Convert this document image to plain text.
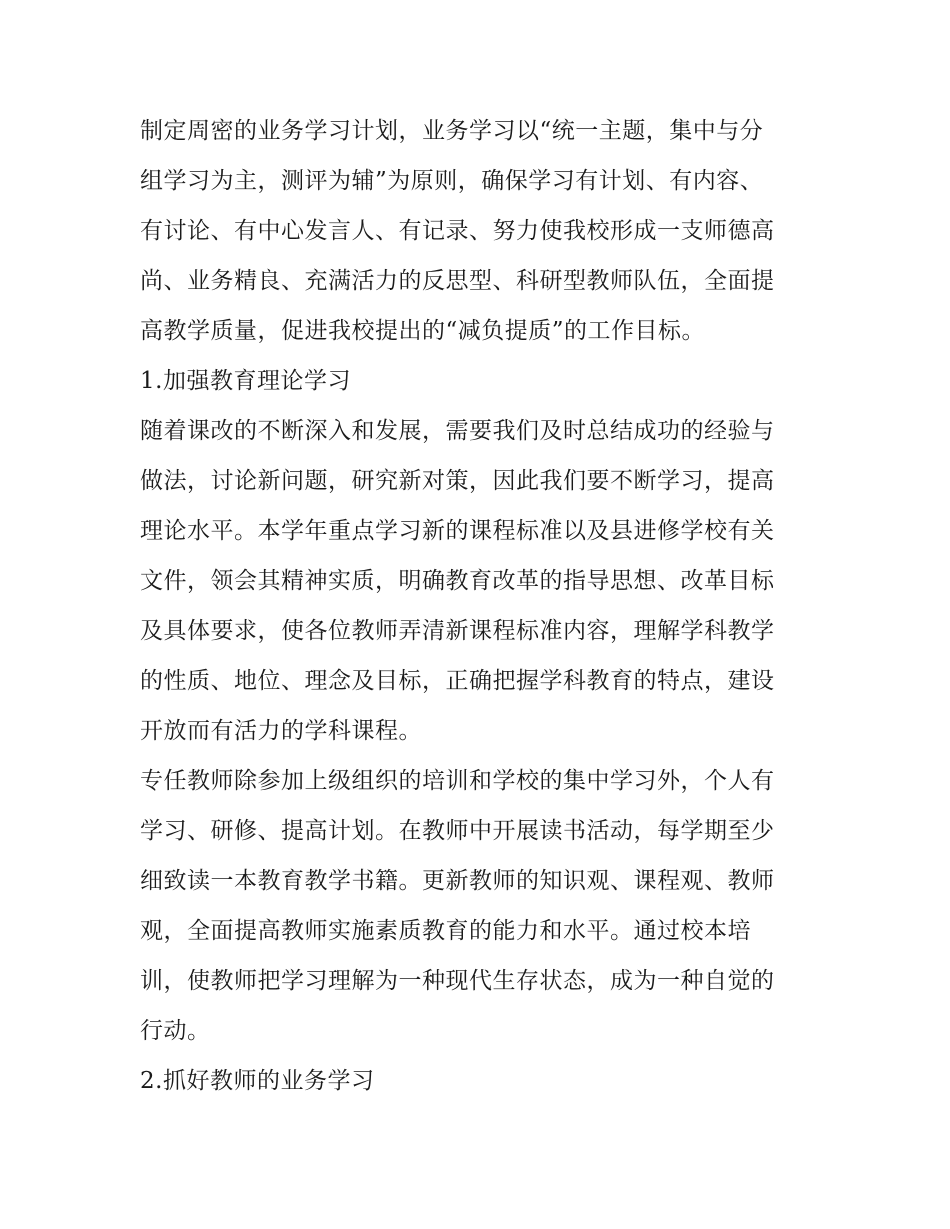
制定周密的业务学习计划，业务学习以“统一主题，集中与分
组学习为主，测评为辅”为原则，确保学习有计划、有内容、
有讨论、有中心发言人、有记录、努力使我校形成一支师德高
尚、业务精良、充满活力的反思型、科研型教师队伍，全面提
高教学质量，促进我校提出的“减负提质”的工作目标。
1.加强教育理论学习
随着课改的不断深入和发展，需要我们及时总结成功的经验与
做法，讨论新问题，研究新对策，因此我们要不断学习，提高
理论水平。本学年重点学习新的课程标准以及县进修学校有关
文件，领会其精神实质，明确教育改革的指导思想、改革目标
及具体要求，使各位教师弄清新课程标准内容，理解学科教学
的性质、地位、理念及目标，正确把握学科教育的特点，建设
开放而有活力的学科课程。
专任教师除参加上级组织的培训和学校的集中学习外，个人有
学习、研修、提高计划。在教师中开展读书活动，每学期至少
细致读一本教育教学书籍。更新教师的知识观、课程观、教师
观，全面提高教师实施素质教育的能力和水平。通过校本培
训，使教师把学习理解为一种现代生存状态，成为一种自觉的
行动。
2.抓好教师的业务学习
